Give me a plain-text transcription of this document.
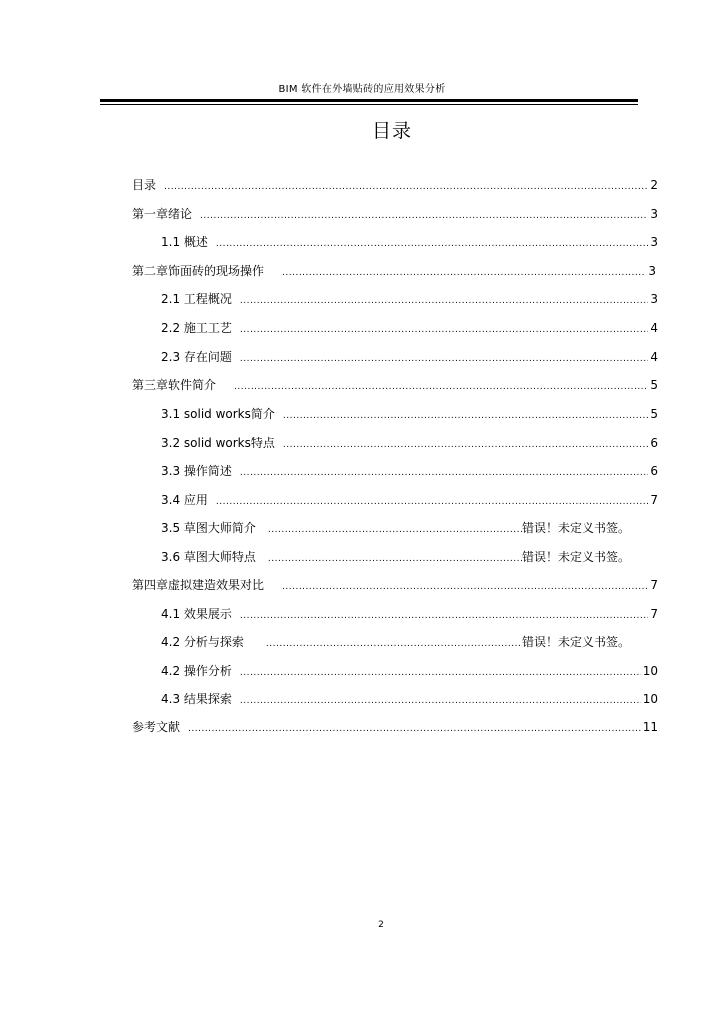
BIM 软件在外墙贴砖的应用效果分析
目录
目录 .....	2
第一章绪论 .....	3
1.1 概述 .....	3
第二章饰面砖的现场操作 .....	3
2.1 工程概况 .....	3
2.2 施工工艺 .....	4
2.3 存在问题 .....	4
第三章软件简介 .....	5
3.1 solid works简介 .....	5
3.2 solid works特点 .....	6
3.3 操作简述 .....	6
3.4 应用 .....	7
3.5 草图大师简介 .....	错误！未定义书签。
3.6 草图大师特点 .....	错误！未定义书签。
第四章虚拟建造效果对比 .....	7
4.1 效果展示 .....	7
4.2 分析与探索 .....	错误！未定义书签。
4.2 操作分析 .....	10
4.3 结果探索 .....	10
参考文献 .....	11
2
